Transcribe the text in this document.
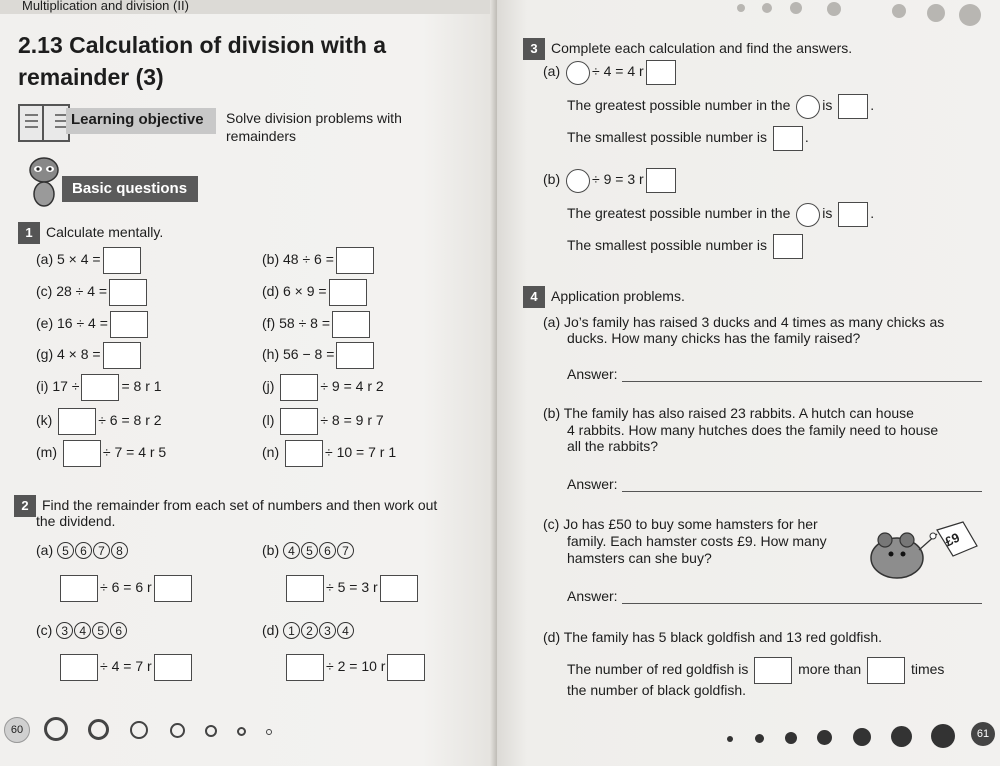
Multiplication and division (II)
2.13 Calculation of division with a
remainder (3)
Learning objective Solve division problems with
remainders
Basic questions
1 Calculate mentally.
(a) 5 × 4 =	(b) 48 ÷ 6 =
(c) 28 ÷ 4 =	(d) 6 × 9 =
(e) 16 ÷ 4 =	(f) 58 ÷ 8 =
(g) 4 × 8 =	(h) 56 − 8 =
(i) 17 ÷	= 8 r 1	(j)	÷ 9 = 4 r 2
(k)	÷ 6 = 8 r 2	(l)	÷ 8 = 9 r 7
(m)	÷ 7 = 4 r 5	(n)	÷ 10 = 7 r 1
2 Find the remainder from each set of numbers and then work out
the dividend.
(a) 5 6 7 8	(b) 4 5 6 7
÷ 6 = 6 r	÷ 5 = 3 r
(c) 3 4 5 6	(d) 1 2 3 4
÷ 4 = 7 r	÷ 2 = 10 r
60
3 Complete each calculation and find the answers.
(a) ÷ 4 = 4 r
The greatest possible number in the is	.
The smallest possible number is	.
(b) ÷ 9 = 3 r
The greatest possible number in the is	.
The smallest possible number is
4 Application problems.
(a) Jo’s family has raised 3 ducks and 4 times as many chicks as
ducks. How many chicks has the family raised?
Answer:
(b) The family has also raised 23 rabbits. A hutch can house
4 rabbits. How many hutches does the family need to house
all the rabbits?
Answer:
(c) Jo has £50 to buy some hamsters for her
family. Each hamster costs £9. How many
hamsters can she buy?
£9
Answer:
(d) The family has 5 black goldfish and 13 red goldfish.
The number of red goldfish is	more than	times
the number of black goldfish.
61
